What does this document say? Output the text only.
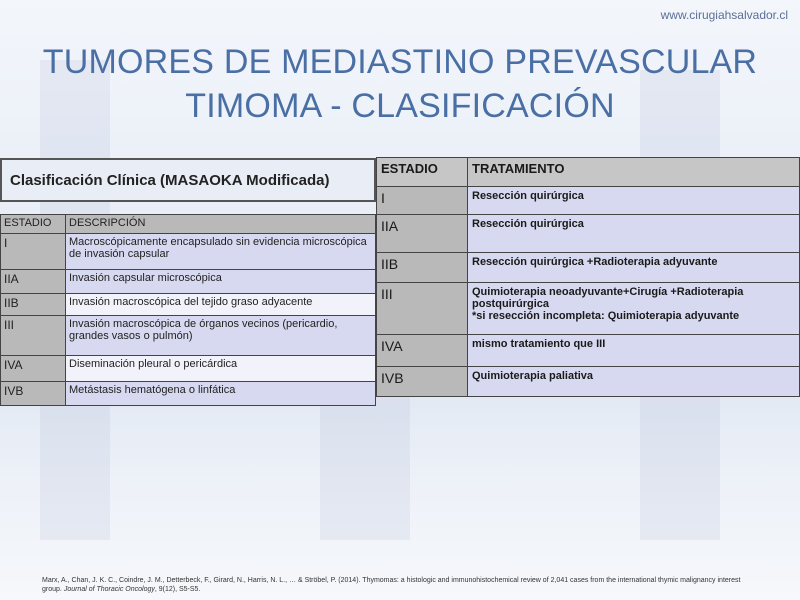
www.cirugiahsalvador.cl
TUMORES DE MEDIASTINO PREVASCULAR
TIMOMA - CLASIFICACIÓN
Clasificación Clínica (MASAOKA Modificada)
ESTADIO	DESCRIPCIÓN
I	Macroscópicamente encapsulado sin evidencia microscópica de invasión capsular
IIA	Invasión capsular microscópica
IIB	Invasión macroscópica del tejido graso adyacente
III	Invasión macroscópica de órganos vecinos (pericardio, grandes vasos o pulmón)
IVA	Diseminación pleural o pericárdica
IVB	Metástasis hematógena o linfática
ESTADIO	TRATAMIENTO
I	Resección quirúrgica
IIA	Resección quirúrgica
IIB	Resección quirúrgica +Radioterapia adyuvante
III	Quimioterapia neoadyuvante+Cirugía +Radioterapia postquirúrgica
*si resección incompleta: Quimioterapia adyuvante

IVA	mismo tratamiento que III
IVB	Quimioterapia paliativa
Marx, A., Chan, J. K. C., Coindre, J. M., Detterbeck, F., Girard, N., Harris, N. L., … & Ströbel, P. (2014). Thymomas: a histologic and immunohistochemical review of 2,041 cases from the international thymic malignancy interest group. Journal of Thoracic Oncology, 9(12), S5-S5.
